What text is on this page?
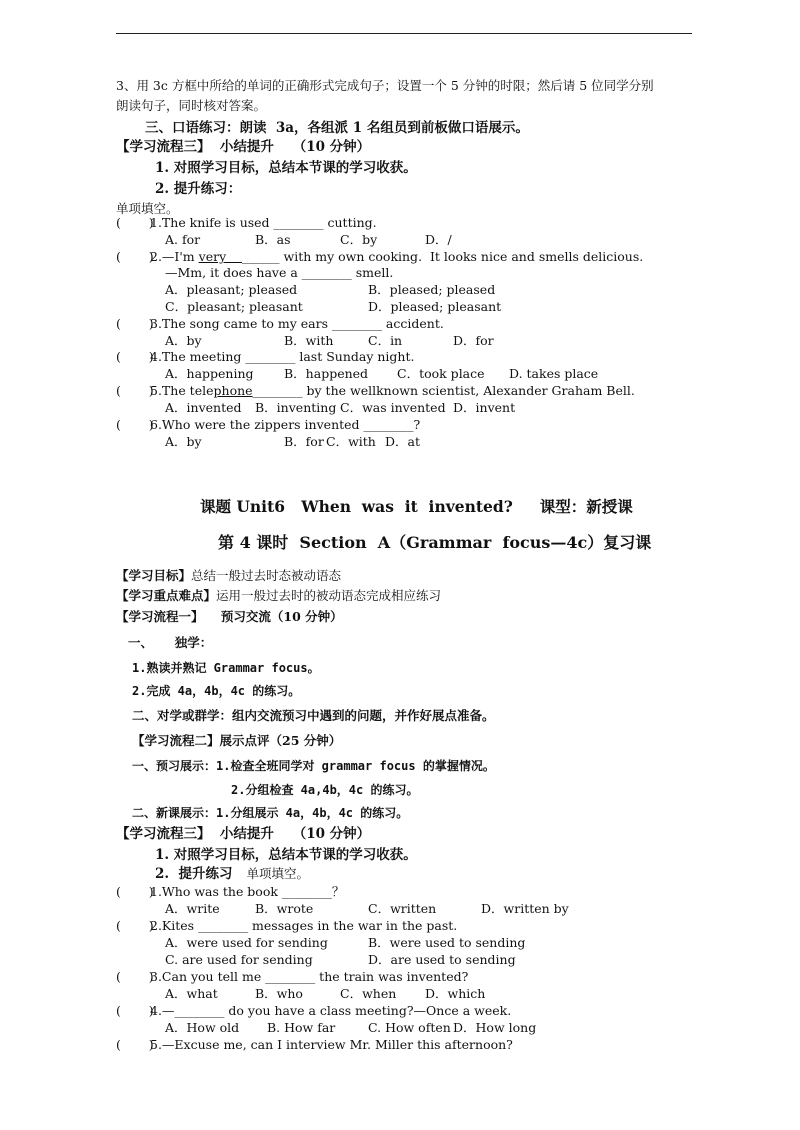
3、用 3c 方框中所给的单词的正确形式完成句子；设置一个 5 分钟的时限；然后请 5 位同学分别
朗读句子，同时核对答案。
三、口语练习：朗读  3a，各组派 1 名组员到前板做口语展示。
【学习流程三】  小结提升    （10 分钟）
1. 对照学习目标，总结本节课的学习收获。
2. 提升练习：
单项填空。
(       )
1.The knife is used ________ cutting.
A. for	B．as	C．by	D．/
(       )
2.—I'm very    ______ with my own cooking.  It looks nice and smells delicious.
—Mm, it does have a ________ smell.
A．pleasant; pleased	B．pleased; pleased
C．pleasant; pleasant	D．pleased; pleasant
(       )
3.The song came to my ears ________ accident.
A．by	B．with	C．in	D．for
(       )
4.The meeting ________ last Sunday night.
A．happening B．happened C．took place D. takes place
(       )
5.The telephone________ by the wellknown scientist, Alexander Graham Bell.
A．invented B．inventing C．was invented D．invent
(       )
6.Who were the zippers invented ________?
A．by	B．for C．with D．at
课题 Unit6   When  was  it  invented?     课型：新授课
第 4 课时  Section  A（Grammar  focus—4c）复习课
【学习目标】总结一般过去时态被动语态
【学习重点难点】运用一般过去时的被动语态完成相应练习
【学习流程一】    预习交流（10 分钟）
一、     独学：
1.熟读并熟记 Grammar focus。
2.完成 4a，4b，4c 的练习。
二、对学或群学：组内交流预习中遇到的问题，并作好展点准备。
【学习流程二】展示点评（25 分钟）
一、预习展示：1.检查全班同学对 grammar focus 的掌握情况。
2.分组检查 4a,4b，4c 的练习。
二、新课展示：1.分组展示 4a，4b，4c 的练习。
【学习流程三】  小结提升    （10 分钟）
1. 对照学习目标，总结本节课的学习收获。
2.  提升练习 单项填空。
(       )
1.Who was the book ________？
A．write	B．wrote	C．written	D．written by
(       )
2.Kites ________ messages in the war in the past.
A．were used for sending	B．were used to sending
C. are used for sending	D．are used to sending
(       )
3.Can you tell me ________ the train was invented?
A．what	B．who	C．when D．which
(       )
4.—________ do you have a class meeting?—Once a week.
A．How old B. How far	C. How often D．How long
(       )
5.—Excuse me, can I interview Mr. Miller this afternoon?
